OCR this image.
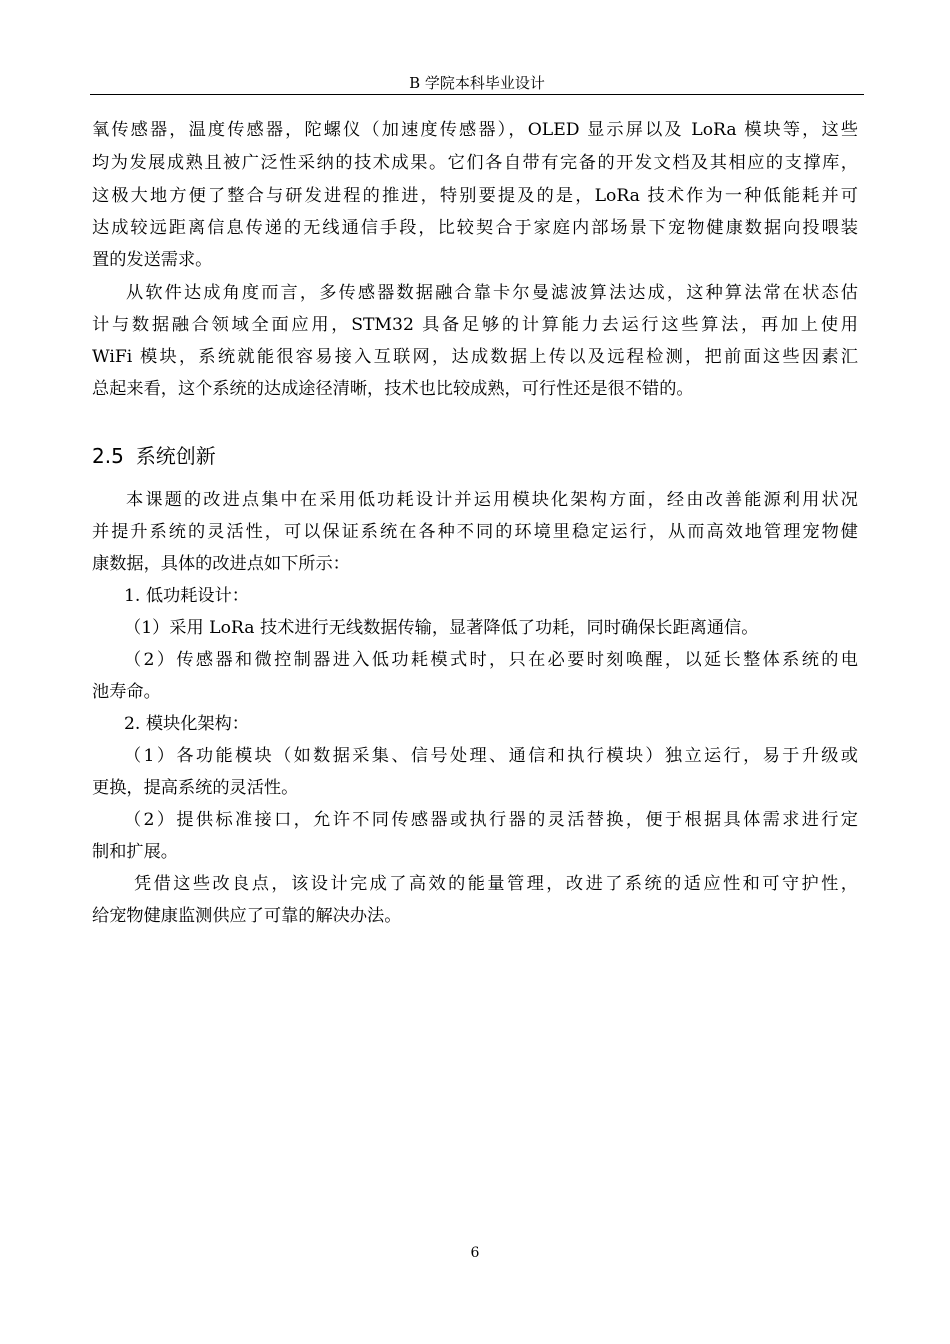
B 学院本科毕业设计
氧传感器，温度传感器，陀螺仪（加速度传感器），OLED 显示屏以及 LoRa 模块等，这些
均为发展成熟且被广泛性采纳的技术成果。它们各自带有完备的开发文档及其相应的支撑库，
这极大地方便了整合与研发进程的推进，特别要提及的是，LoRa 技术作为一种低能耗并可
达成较远距离信息传递的无线通信手段，比较契合于家庭内部场景下宠物健康数据向投喂装
置的发送需求。
从软件达成角度而言，多传感器数据融合靠卡尔曼滤波算法达成，这种算法常在状态估
计与数据融合领域全面应用，STM32 具备足够的计算能力去运行这些算法，再加上使用
WiFi 模块，系统就能很容易接入互联网，达成数据上传以及远程检测，把前面这些因素汇
总起来看，这个系统的达成途径清晰，技术也比较成熟，可行性还是很不错的。
2.5 系统创新
本课题的改进点集中在采用低功耗设计并运用模块化架构方面，经由改善能源利用状况
并提升系统的灵活性，可以保证系统在各种不同的环境里稳定运行，从而高效地管理宠物健
康数据，具体的改进点如下所示：
1. 低功耗设计：
（1）采用 LoRa 技术进行无线数据传输，显著降低了功耗，同时确保长距离通信。
（2）传感器和微控制器进入低功耗模式时，只在必要时刻唤醒，以延长整体系统的电
池寿命。
2. 模块化架构：
（1）各功能模块（如数据采集、信号处理、通信和执行模块）独立运行，易于升级或
更换，提高系统的灵活性。
（2）提供标准接口，允许不同传感器或执行器的灵活替换，便于根据具体需求进行定
制和扩展。
凭借这些改良点，该设计完成了高效的能量管理，改进了系统的适应性和可守护性，
给宠物健康监测供应了可靠的解决办法。
6
